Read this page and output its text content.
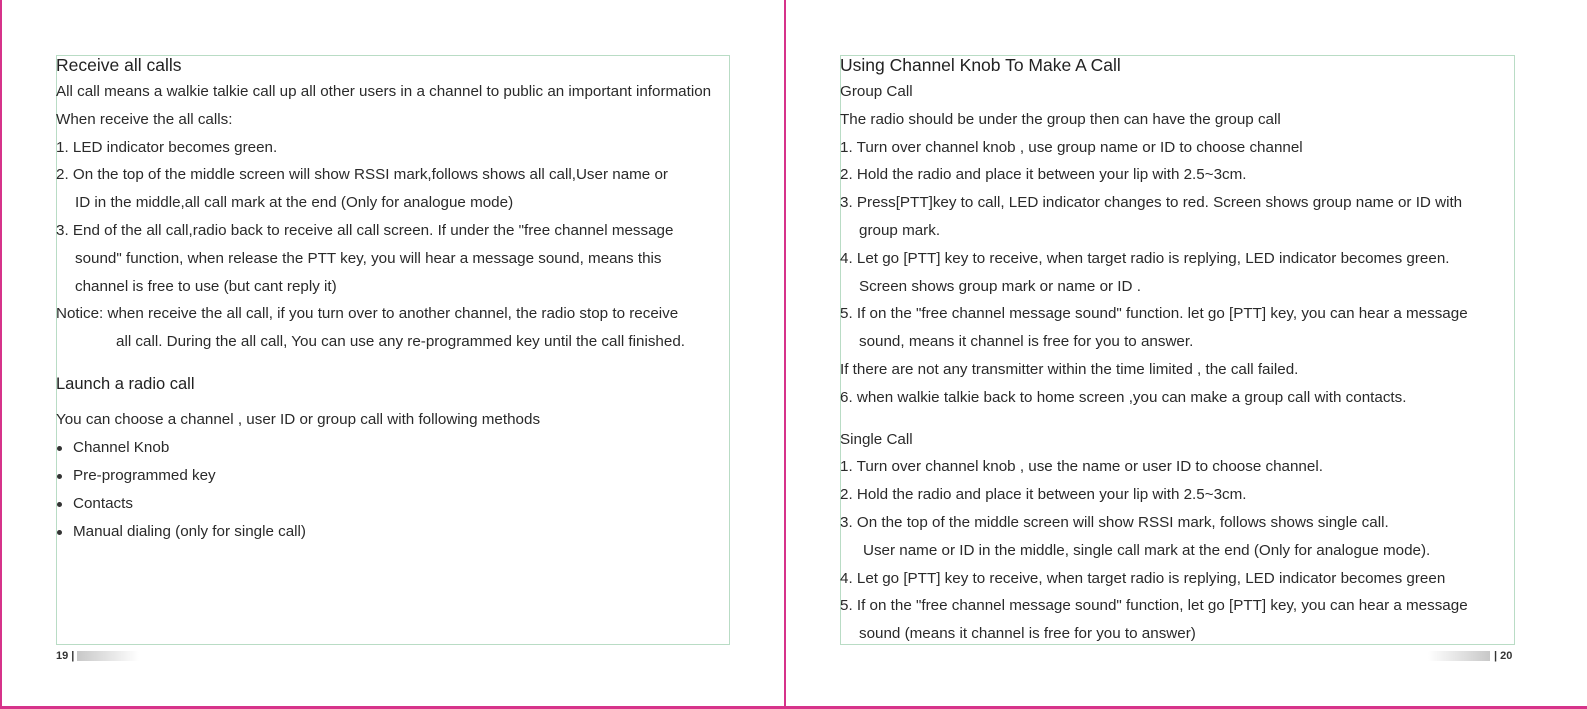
Receive all calls
All call means a walkie talkie call up all other users in a channel to public an important information
When receive the all calls:
1. LED indicator becomes green.
2. On the top of the middle screen will show RSSI mark,follows shows all call,User name or
ID in the middle,all call mark at the end (Only for analogue mode)
3. End of the all call,radio back to receive all call screen. If under the "free channel message
sound" function, when release the PTT key, you will hear a message sound, means this
channel is free to use (but cant reply it)
Notice: when receive the all call, if you turn over to another channel, the radio stop to receive
all call. During the all call, You can use any re-programmed key until the call finished.
Launch a radio call
You can choose a channel , user ID or group call with following methods
Channel Knob
Pre-programmed key
Contacts
Manual dialing (only for single call)
Using Channel Knob To Make A Call
Group Call
The radio should be under the group then can have the group call
1. Turn over channel knob , use group name or ID to choose channel
2. Hold the radio and place it between your lip with 2.5~3cm.
3. Press[PTT]key to call, LED indicator changes to red. Screen shows group name or ID with
group mark.
4. Let go [PTT] key to receive, when target radio is replying, LED indicator becomes green.
Screen shows group mark or name or ID .
5. If on the "free channel message sound" function. let go [PTT] key, you can hear a message
sound, means it channel is free for you to answer.
If there are not any transmitter within the time limited , the call failed.
6. when walkie talkie back to home screen ,you can make a group call with contacts.
Single Call
1. Turn over channel knob , use the name or user ID to choose channel.
2. Hold the radio and place it between your lip with 2.5~3cm.
3. On the top of the middle screen will show RSSI mark, follows shows single call.
User name or ID in the middle, single call mark at the end (Only for analogue mode).
4. Let go [PTT] key to receive, when target radio is replying, LED indicator becomes green
5. If on the "free channel message sound" function, let go [PTT] key, you can hear a message
sound (means it channel is free for you to answer)
19 |	| 20
